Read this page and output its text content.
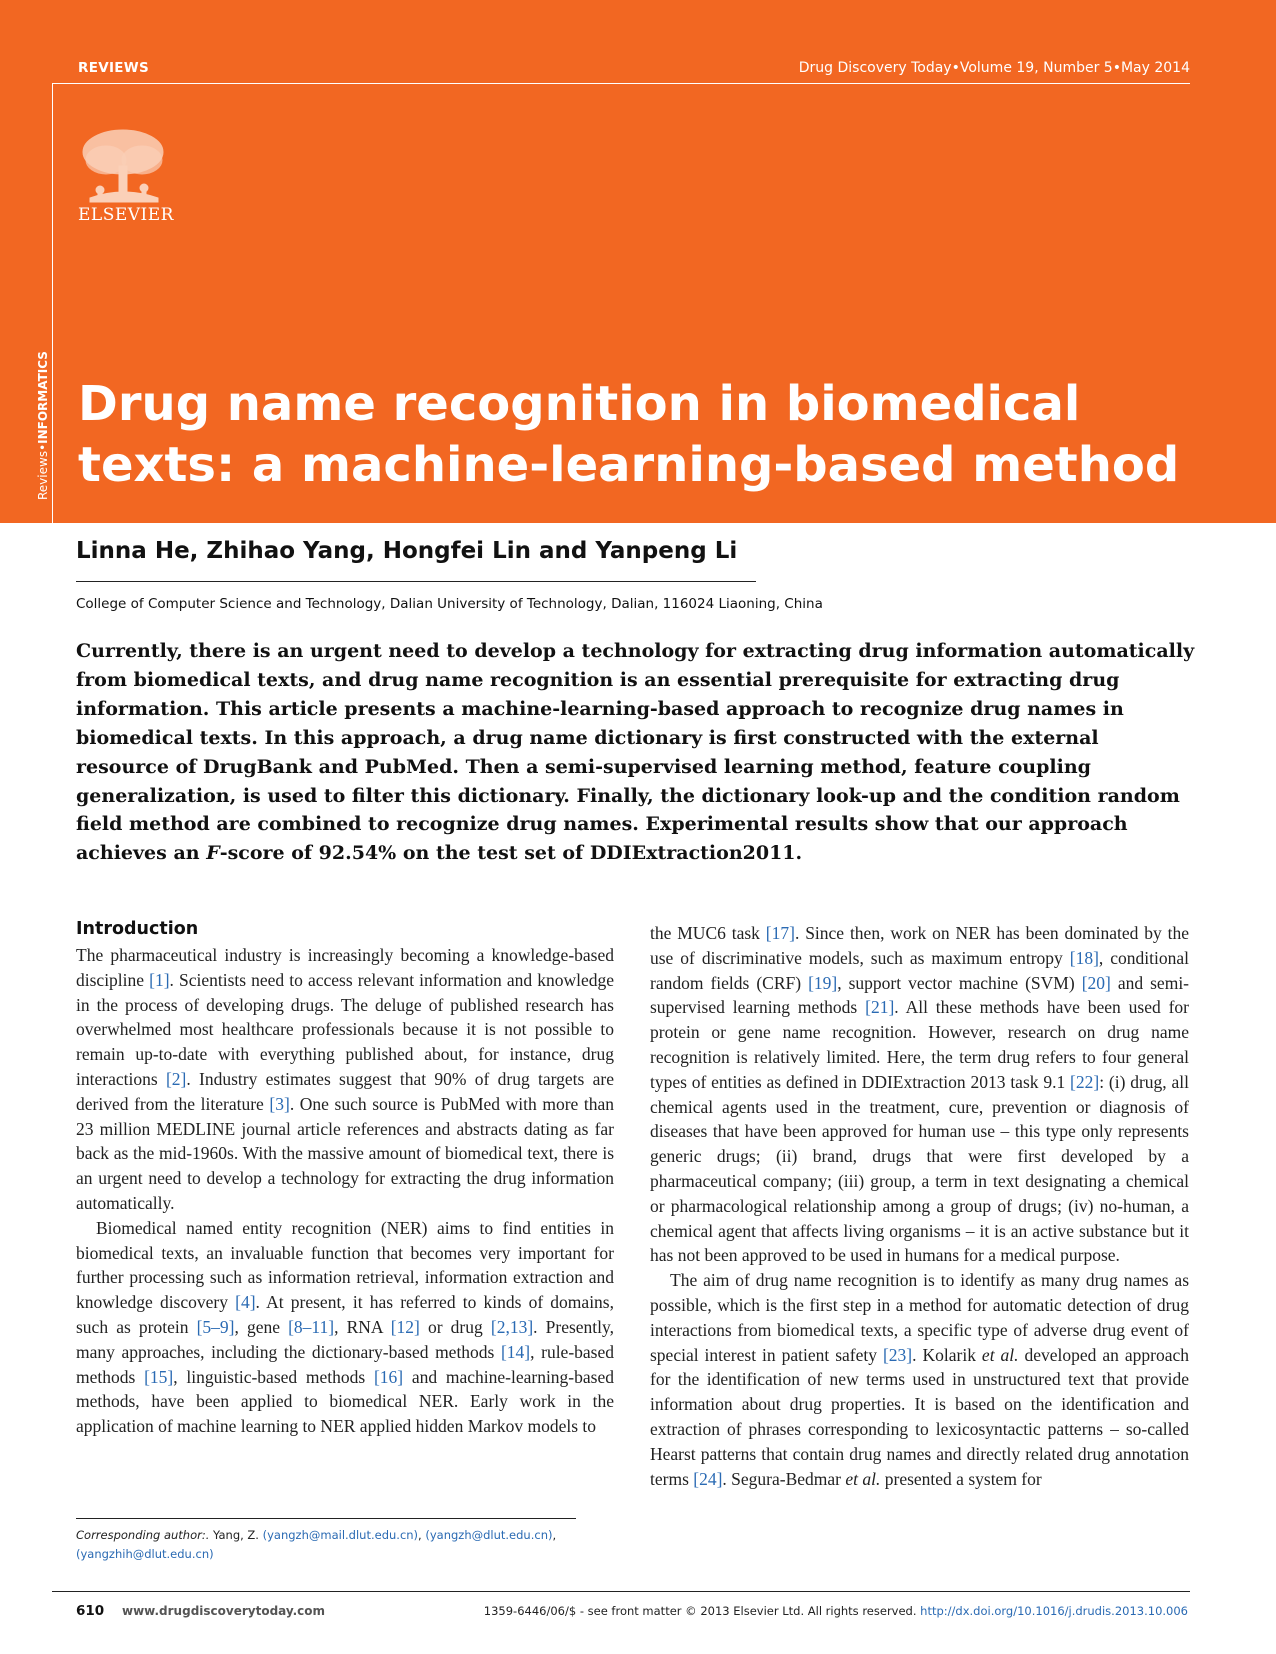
REVIEWS	Drug Discovery Today•Volume 19, Number 5•May 2014
ELSEVIER
Reviews•INFORMATICS Drug name recognition in biomedical
texts: a machine-learning-based method
Linna He, Zhihao Yang, Hongfei Lin and Yanpeng Li
College of Computer Science and Technology, Dalian University of Technology, Dalian, 116024 Liaoning, China

Currently, there is an urgent need to develop a technology for extracting drug information automatically from biomedical texts, and drug name recognition is an essential prerequisite for extracting drug information. This article presents a machine-learning-based approach to recognize drug names in biomedical texts. In this approach, a drug name dictionary is first constructed with the external resource of DrugBank and PubMed. Then a semi-supervised learning method, feature coupling generalization, is used to filter this dictionary. Finally, the dictionary look-up and the condition random field method are combined to recognize drug names. Experimental results show that our approach achieves an F-score of 92.54% on the test set of DDIExtraction2011.

Introduction

The pharmaceutical industry is increasingly becoming a knowledge-based discipline [1]. Scientists need to access relevant information and knowledge in the process of developing drugs. The deluge of published research has overwhelmed most healthcare professionals because it is not possible to remain up-to-date with everything published about, for instance, drug interactions [2]. Industry estimates suggest that 90% of drug targets are derived from the literature [3]. One such source is PubMed with more than 23 million MEDLINE journal article references and abstracts dating as far back as the mid-1960s. With the massive amount of biomedical text, there is an urgent need to develop a technology for extracting the drug information automatically.

Biomedical named entity recognition (NER) aims to find entities in biomedical texts, an invaluable function that becomes very important for further processing such as information retrieval, information extraction and knowledge discovery [4]. At present, it has referred to kinds of domains, such as protein [5–9], gene [8–11], RNA [12] or drug [2,13]. Presently, many approaches, including the dictionary-based methods [14], rule-based methods [15], linguistic-based methods [16] and machine-learning-based methods, have been applied to biomedical NER. Early work in the application of machine learning to NER applied hidden Markov models to

the MUC6 task [17]. Since then, work on NER has been dominated by the use of discriminative models, such as maximum entropy [18], conditional random fields (CRF) [19], support vector machine (SVM) [20] and semi-supervised learning methods [21]. All these methods have been used for protein or gene name recognition. However, research on drug name recognition is relatively limited. Here, the term drug refers to four general types of entities as defined in DDIExtraction 2013 task 9.1 [22]: (i) drug, all chemical agents used in the treatment, cure, prevention or diagnosis of diseases that have been approved for human use – this type only represents generic drugs; (ii) brand, drugs that were first developed by a pharmaceutical company; (iii) group, a term in text designating a chemical or pharmacological relationship among a group of drugs; (iv) no-human, a chemical agent that affects living organisms – it is an active substance but it has not been approved to be used in humans for a medical purpose.

The aim of drug name recognition is to identify as many drug names as possible, which is the first step in a method for automatic detection of drug interactions from biomedical texts, a specific type of adverse drug event of special interest in patient safety [23]. Kolarik et al. developed an approach for the identification of new terms used in unstructured text that provide information about drug properties. It is based on the identification and extraction of phrases corresponding to lexicosyntactic patterns – so-called Hearst patterns that contain drug names and directly related drug annotation terms [24]. Segura-Bedmar et al. presented a system for

Corresponding author:. Yang, Z. (yangzh@mail.dlut.edu.cn), (yangzh@dlut.edu.cn),
(yangzhih@dlut.edu.cn)
610 www.drugdiscoverytoday.com	1359-6446/06/$ - see front matter © 2013 Elsevier Ltd. All rights reserved. http://dx.doi.org/10.1016/j.drudis.2013.10.006
